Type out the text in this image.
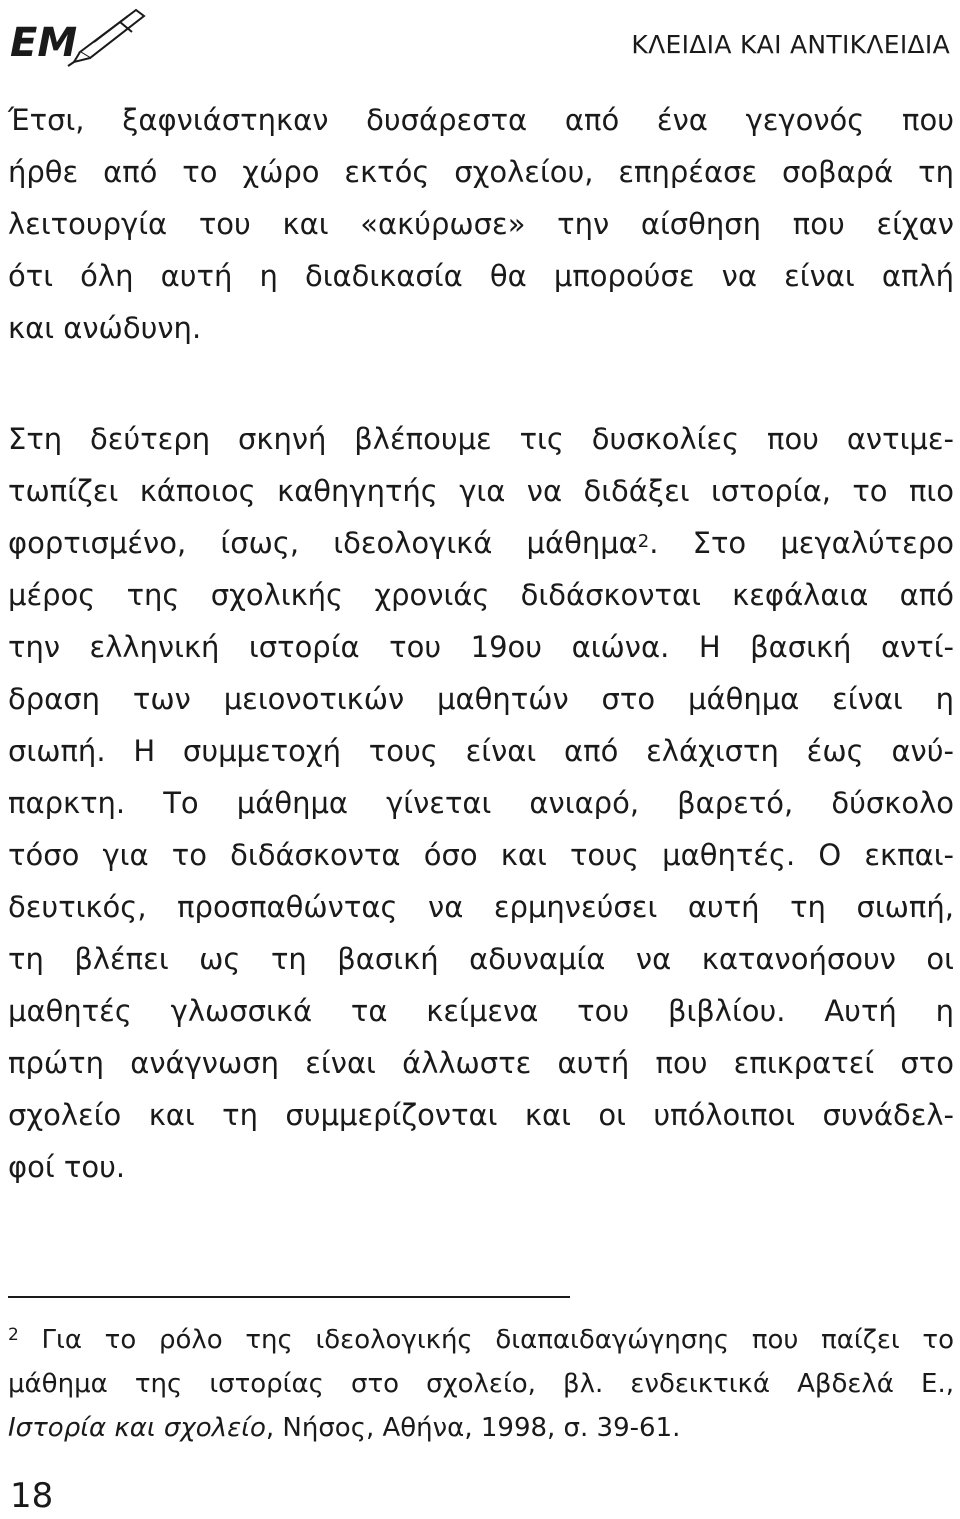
EM	ΚΛΕΙΔΙΑ ΚΑΙ ΑΝΤΙΚΛΕΙΔΙΑ
Έτσι, ξαφνιάστηκαν δυσάρεστα από ένα γεγονός που
ήρθε από το χώρο εκτός σχολείου, επηρέασε σοβαρά τη
λειτουργία του και «ακύρωσε» την αίσθηση που είχαν
ότι όλη αυτή η διαδικασία θα μπορούσε να είναι απλή
και ανώδυνη.
Στη δεύτερη σκηνή βλέπουμε τις δυσκολίες που αντιμε-
τωπίζει κάποιος καθηγητής για να διδάξει ιστορία, το πιο
φορτισμένο, ίσως, ιδεολογικά μάθημα$^2$. Στο μεγαλύτερο
μέρος της σχολικής χρονιάς διδάσκονται κεφάλαια από
την ελληνική ιστορία του 19ου αιώνα. Η βασική αντί-
δραση των μειονοτικών μαθητών στο μάθημα είναι η
σιωπή. Η συμμετοχή τους είναι από ελάχιστη έως ανύ-
παρκτη. Το μάθημα γίνεται ανιαρό, βαρετό, δύσκολο
τόσο για το διδάσκοντα όσο και τους μαθητές. Ο εκπαι-
δευτικός, προσπαθώντας να ερμηνεύσει αυτή τη σιωπή,
τη βλέπει ως τη βασική αδυναμία να κατανοήσουν οι
μαθητές γλωσσικά τα κείμενα του βιβλίου. Αυτή η
πρώτη ανάγνωση είναι άλλωστε αυτή που επικρατεί στο
σχολείο και τη συμμερίζονται και οι υπόλοιποι συνάδελ-
φοί του.
$^2$ Για το ρόλο της ιδεολογικής διαπαιδαγώγησης που παίζει το
μάθημα της ιστορίας στο σχολείο, βλ. ενδεικτικά Αβδελά Ε.,
Ιστορία και σχολείο, Νήσος, Αθήνα, 1998, σ. 39-61.
18
